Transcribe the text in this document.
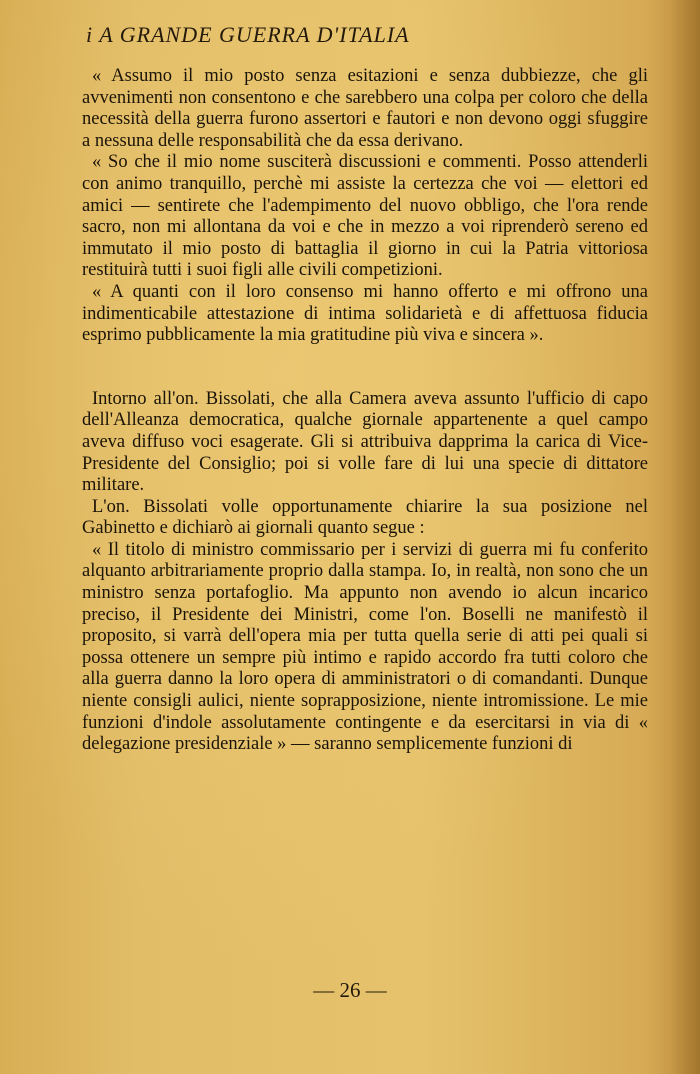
i A GRANDE GUERRA D'ITALIA

« Assumo il mio posto senza esitazioni e senza dubbiezze, che gli avvenimenti non consentono e che sarebbero una colpa per coloro che della necessità della guerra furono assertori e fautori e non devono oggi sfuggire a nessuna delle responsabilità che da essa derivano.

« So che il mio nome susciterà discussioni e commenti. Posso attenderli con animo tranquillo, perchè mi assiste la certezza che voi — elettori ed amici — sentirete che l'adempimento del nuovo obbligo, che l'ora rende sacro, non mi allontana da voi e che in mezzo a voi riprenderò sereno ed immutato il mio posto di battaglia il giorno in cui la Patria vittoriosa restituirà tutti i suoi figli alle civili competizioni.

« A quanti con il loro consenso mi hanno offerto e mi offrono una indimenticabile attestazione di intima solidarietà e di affettuosa fiducia esprimo pubblicamente la mia gratitudine più viva e sincera ».

Intorno all'on. Bissolati, che alla Camera aveva assunto l'ufficio di capo dell'Alleanza democratica, qualche giornale appartenente a quel campo aveva diffuso voci esagerate. Gli si attribuiva dapprima la carica di Vice-Presidente del Consiglio; poi si volle fare di lui una specie di dittatore militare.

L'on. Bissolati volle opportunamente chiarire la sua posizione nel Gabinetto e dichiarò ai giornali quanto segue :

« Il titolo di ministro commissario per i servizi di guerra mi fu conferito alquanto arbitrariamente proprio dalla stampa. Io, in realtà, non sono che un ministro senza portafoglio. Ma appunto non avendo io alcun incarico preciso, il Presidente dei Ministri, come l'on. Boselli ne manifestò il proposito, si varrà dell'opera mia per tutta quella serie di atti pei quali si possa ottenere un sempre più intimo e rapido accordo fra tutti coloro che alla guerra danno la loro opera di amministratori o di comandanti. Dunque niente consigli aulici, niente soprapposizione, niente intromissione. Le mie funzioni d'indole assolutamente contingente e da esercitarsi in via di « delegazione presidenziale » — saranno semplicemente funzioni di

— 26 —
